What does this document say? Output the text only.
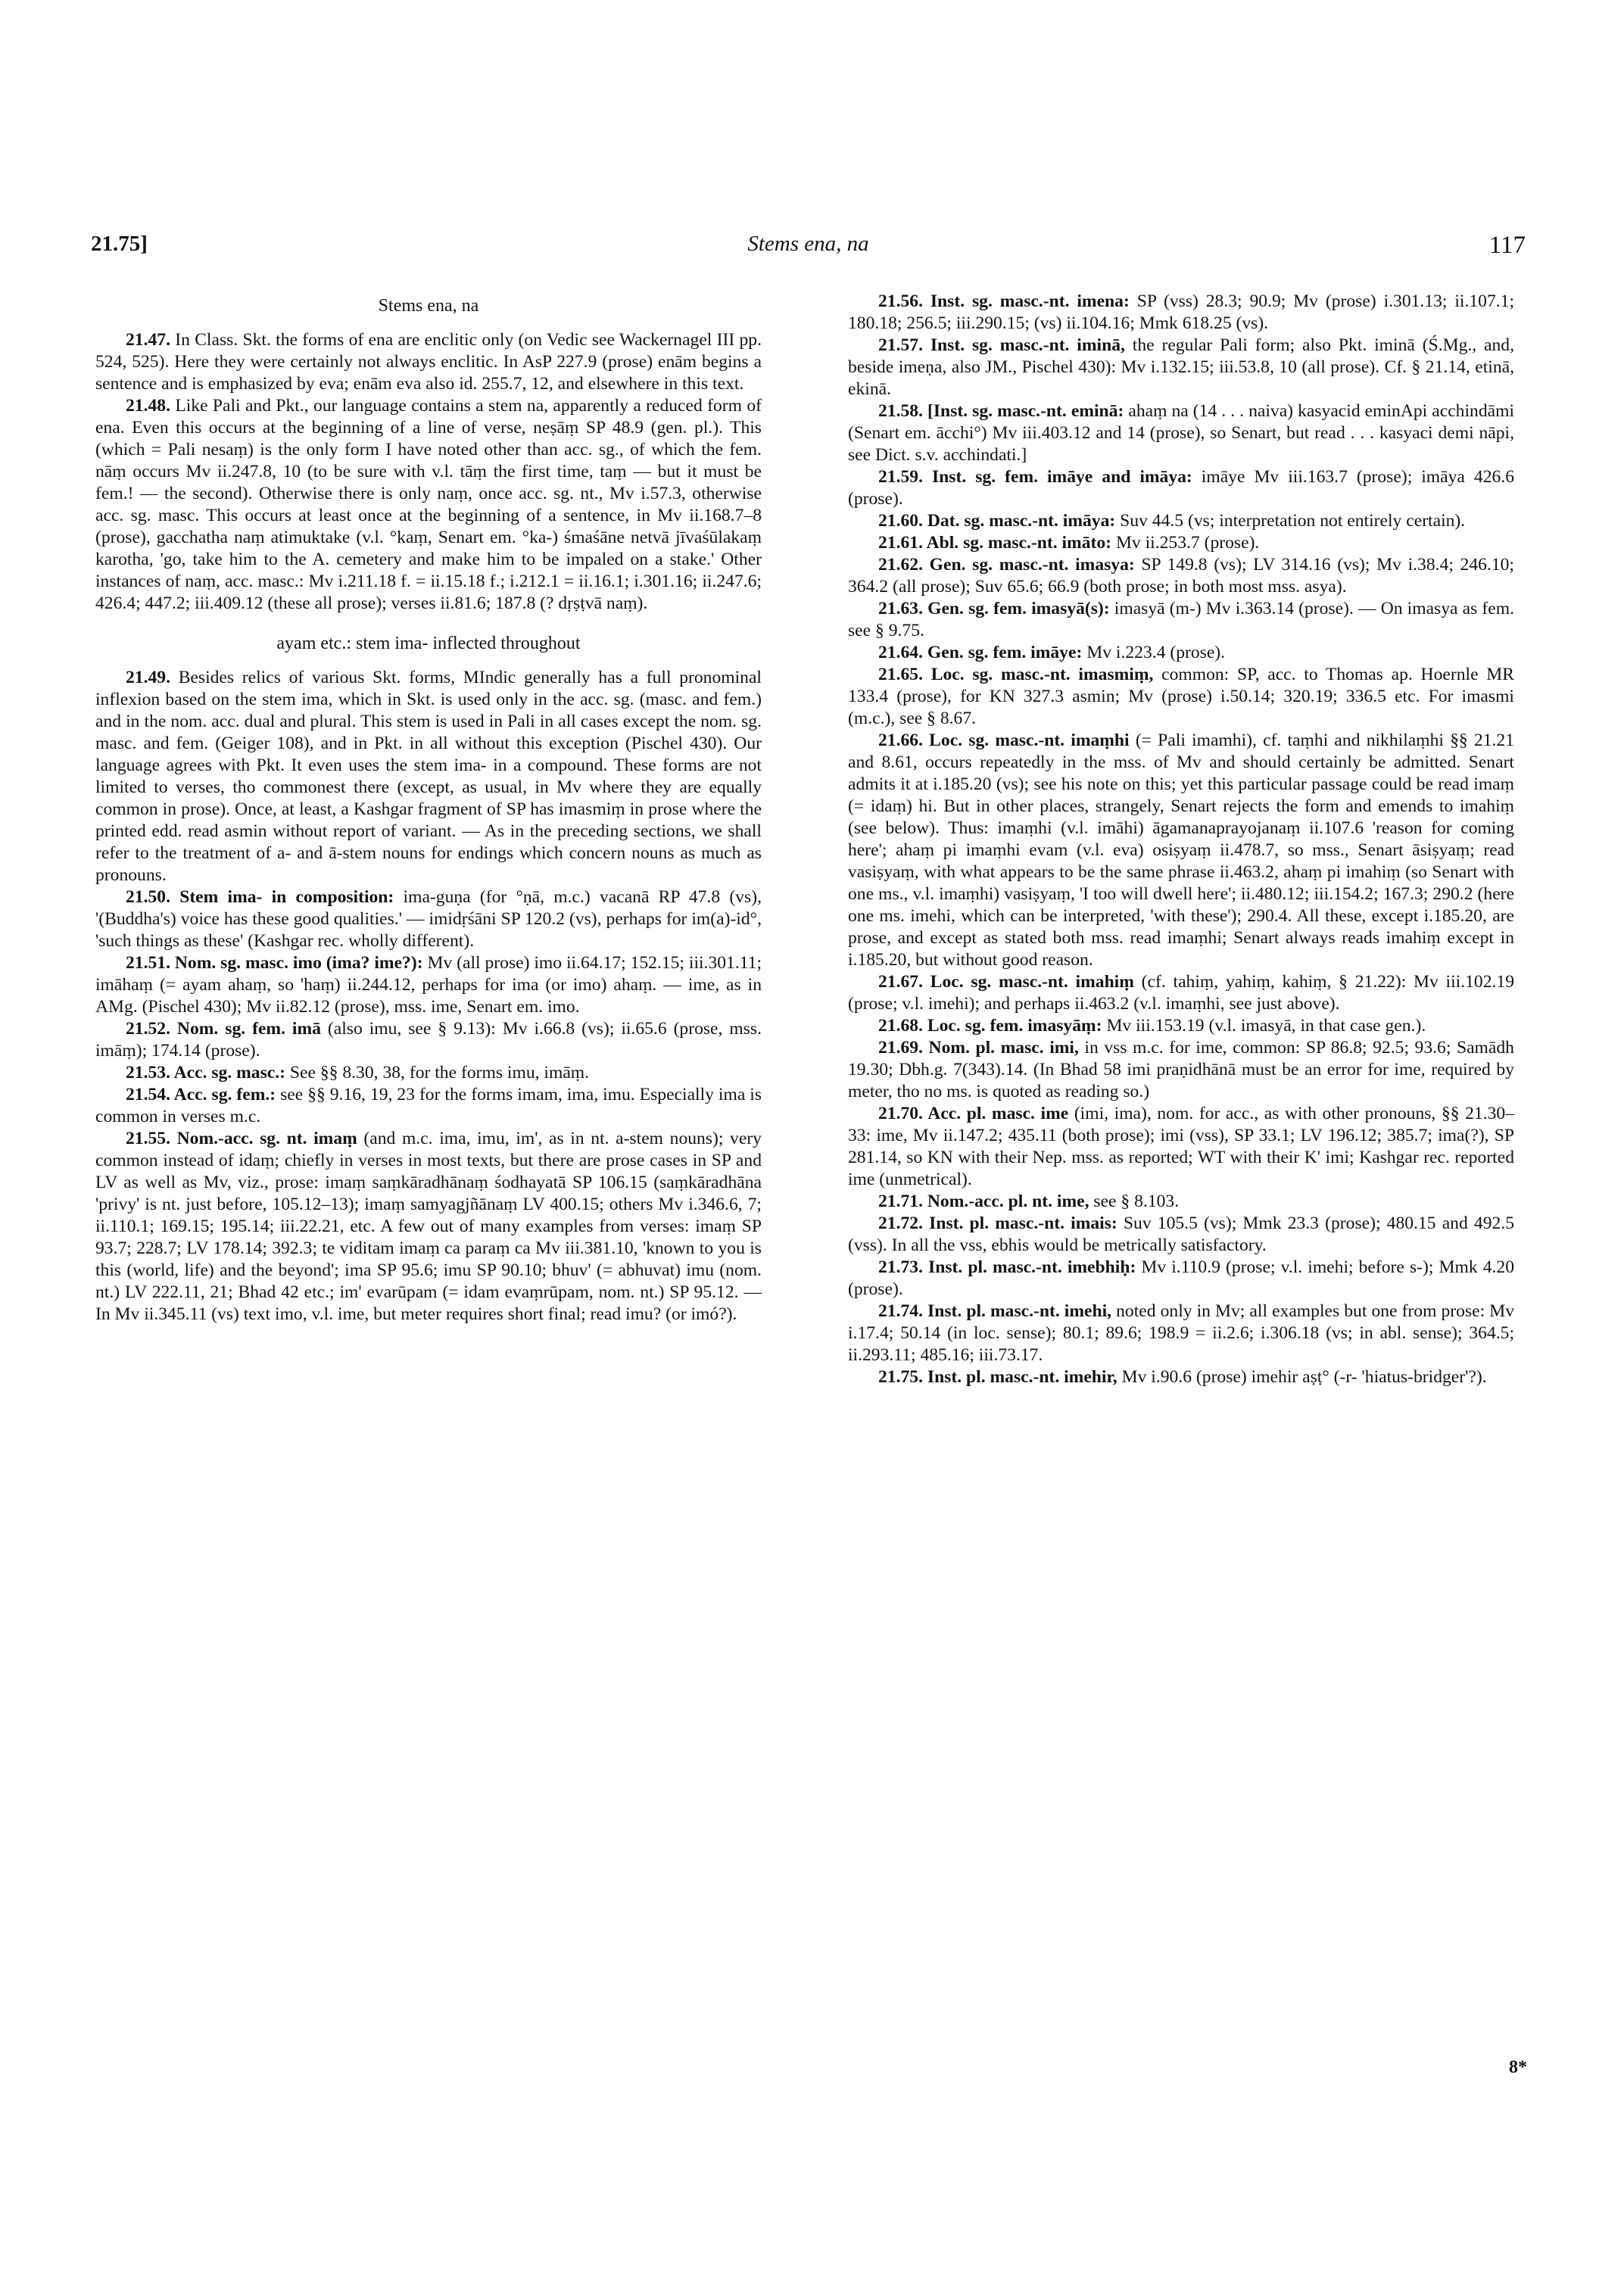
21.75]	Stems ena, na	117
Stems ena, na

21.47. In Class. Skt. the forms of ena are enclitic only (on Vedic see Wackernagel III pp. 524, 525). Here they were certainly not always enclitic. In AsP 227.9 (prose) enām begins a sentence and is emphasized by eva; enām eva also id. 255.7, 12, and elsewhere in this text.

21.48. Like Pali and Pkt., our language contains a stem na, apparently a reduced form of ena. Even this occurs at the beginning of a line of verse, neṣāṃ SP 48.9 (gen. pl.). This (which = Pali nesaṃ) is the only form I have noted other than acc. sg., of which the fem. nāṃ occurs Mv ii.247.8, 10 (to be sure with v.l. tāṃ the first time, taṃ — but it must be fem.! — the second). Otherwise there is only naṃ, once acc. sg. nt., Mv i.57.3, otherwise acc. sg. masc. This occurs at least once at the beginning of a sentence, in Mv ii.168.7–8 (prose), gacchatha naṃ atimuktake (v.l. °kaṃ, Senart em. °ka-) śmaśāne netvā jīvaśūlakaṃ karotha, 'go, take him to the A. cemetery and make him to be impaled on a stake.' Other instances of naṃ, acc. masc.: Mv i.211.18 f. = ii.15.18 f.; i.212.1 = ii.16.1; i.301.16; ii.247.6; 426.4; 447.2; iii.409.12 (these all prose); verses ii.81.6; 187.8 (? dṛṣṭvā naṃ).

ayam etc.: stem ima- inflected throughout

21.49. Besides relics of various Skt. forms, MIndic generally has a full pronominal inflexion based on the stem ima, which in Skt. is used only in the acc. sg. (masc. and fem.) and in the nom. acc. dual and plural. This stem is used in Pali in all cases except the nom. sg. masc. and fem. (Geiger 108), and in Pkt. in all without this exception (Pischel 430). Our language agrees with Pkt. It even uses the stem ima- in a compound. These forms are not limited to verses, tho commonest there (except, as usual, in Mv where they are equally common in prose). Once, at least, a Kashgar fragment of SP has imasmiṃ in prose where the printed edd. read asmin without report of variant. — As in the preceding sections, we shall refer to the treatment of a- and ā-stem nouns for endings which concern nouns as much as pronouns.

21.50. Stem ima- in composition: ima-guṇa (for °ṇā, m.c.) vacanā RP 47.8 (vs), '(Buddha's) voice has these good qualities.' — imidṛśāni SP 120.2 (vs), perhaps for im(a)-id°, 'such things as these' (Kashgar rec. wholly different).

21.51. Nom. sg. masc. imo (ima? ime?): Mv (all prose) imo ii.64.17; 152.15; iii.301.11; imāhaṃ (= ayam ahaṃ, so 'haṃ) ii.244.12, perhaps for ima (or imo) ahaṃ. — ime, as in AMg. (Pischel 430); Mv ii.82.12 (prose), mss. ime, Senart em. imo.

21.52. Nom. sg. fem. imā (also imu, see § 9.13): Mv i.66.8 (vs); ii.65.6 (prose, mss. imāṃ); 174.14 (prose).

21.53. Acc. sg. masc.: See §§ 8.30, 38, for the forms imu, imāṃ.

21.54. Acc. sg. fem.: see §§ 9.16, 19, 23 for the forms imam, ima, imu. Especially ima is common in verses m.c.

21.55. Nom.-acc. sg. nt. imaṃ (and m.c. ima, imu, im', as in nt. a-stem nouns); very common instead of idaṃ; chiefly in verses in most texts, but there are prose cases in SP and LV as well as Mv, viz., prose: imaṃ saṃkāradhānaṃ śodhayatā SP 106.15 (saṃkāradhāna 'privy' is nt. just before, 105.12–13); imaṃ samyagjñānaṃ LV 400.15; others Mv i.346.6, 7; ii.110.1; 169.15; 195.14; iii.22.21, etc. A few out of many examples from verses: imaṃ SP 93.7; 228.7; LV 178.14; 392.3; te viditam imaṃ ca paraṃ ca Mv iii.381.10, 'known to you is this (world, life) and the beyond'; ima SP 95.6; imu SP 90.10; bhuv' (= abhuvat) imu (nom. nt.) LV 222.11, 21; Bhad 42 etc.; im' evarūpam (= idam evaṃrūpam, nom. nt.) SP 95.12. — In Mv ii.345.11 (vs) text imo, v.l. ime, but meter requires short final; read imu? (or imó?).

21.56. Inst. sg. masc.-nt. imena: SP (vss) 28.3; 90.9; Mv (prose) i.301.13; ii.107.1; 180.18; 256.5; iii.290.15; (vs) ii.104.16; Mmk 618.25 (vs).

21.57. Inst. sg. masc.-nt. iminā, the regular Pali form; also Pkt. iminā (Ś.Mg., and, beside imeṇa, also JM., Pischel 430): Mv i.132.15; iii.53.8, 10 (all prose). Cf. § 21.14, etinā, ekinā.

21.58. [Inst. sg. masc.-nt. eminā: ahaṃ na (14 . . . naiva) kasyacid eminApi acchindāmi (Senart em. ācchi°) Mv iii.403.12 and 14 (prose), so Senart, but read . . . kasyaci demi nāpi, see Dict. s.v. acchindati.]

21.59. Inst. sg. fem. imāye and imāya: imāye Mv iii.163.7 (prose); imāya 426.6 (prose).

21.60. Dat. sg. masc.-nt. imāya: Suv 44.5 (vs; interpretation not entirely certain).

21.61. Abl. sg. masc.-nt. imāto: Mv ii.253.7 (prose).

21.62. Gen. sg. masc.-nt. imasya: SP 149.8 (vs); LV 314.16 (vs); Mv i.38.4; 246.10; 364.2 (all prose); Suv 65.6; 66.9 (both prose; in both most mss. asya).

21.63. Gen. sg. fem. imasyā(s): imasyā (m-) Mv i.363.14 (prose). — On imasya as fem. see § 9.75.

21.64. Gen. sg. fem. imāye: Mv i.223.4 (prose).

21.65. Loc. sg. masc.-nt. imasmiṃ, common: SP, acc. to Thomas ap. Hoernle MR 133.4 (prose), for KN 327.3 asmin; Mv (prose) i.50.14; 320.19; 336.5 etc. For imasmi (m.c.), see § 8.67.

21.66. Loc. sg. masc.-nt. imaṃhi (= Pali imamhi), cf. taṃhi and nikhilaṃhi §§ 21.21 and 8.61, occurs repeatedly in the mss. of Mv and should certainly be admitted. Senart admits it at i.185.20 (vs); see his note on this; yet this particular passage could be read imaṃ (= idaṃ) hi. But in other places, strangely, Senart rejects the form and emends to imahiṃ (see below). Thus: imaṃhi (v.l. imāhi) āgamanaprayojanaṃ ii.107.6 'reason for coming here'; ahaṃ pi imaṃhi evam (v.l. eva) osiṣyaṃ ii.478.7, so mss., Senart āsiṣyaṃ; read vasiṣyaṃ, with what appears to be the same phrase ii.463.2, ahaṃ pi imahiṃ (so Senart with one ms., v.l. imaṃhi) vasiṣyaṃ, 'I too will dwell here'; ii.480.12; iii.154.2; 167.3; 290.2 (here one ms. imehi, which can be interpreted, 'with these'); 290.4. All these, except i.185.20, are prose, and except as stated both mss. read imaṃhi; Senart always reads imahiṃ except in i.185.20, but without good reason.

21.67. Loc. sg. masc.-nt. imahiṃ (cf. tahiṃ, yahiṃ, kahiṃ, § 21.22): Mv iii.102.19 (prose; v.l. imehi); and perhaps ii.463.2 (v.l. imaṃhi, see just above).

21.68. Loc. sg. fem. imasyāṃ: Mv iii.153.19 (v.l. imasyā, in that case gen.).

21.69. Nom. pl. masc. imi, in vss m.c. for ime, common: SP 86.8; 92.5; 93.6; Samādh 19.30; Dbh.g. 7(343).14. (In Bhad 58 imi praṇidhānā must be an error for ime, required by meter, tho no ms. is quoted as reading so.)

21.70. Acc. pl. masc. ime (imi, ima), nom. for acc., as with other pronouns, §§ 21.30–33: ime, Mv ii.147.2; 435.11 (both prose); imi (vss), SP 33.1; LV 196.12; 385.7; ima(?), SP 281.14, so KN with their Nep. mss. as reported; WT with their K' imi; Kashgar rec. reported ime (unmetrical).

21.71. Nom.-acc. pl. nt. ime, see § 8.103.

21.72. Inst. pl. masc.-nt. imais: Suv 105.5 (vs); Mmk 23.3 (prose); 480.15 and 492.5 (vss). In all the vss, ebhis would be metrically satisfactory.

21.73. Inst. pl. masc.-nt. imebhiḥ: Mv i.110.9 (prose; v.l. imehi; before s-); Mmk 4.20 (prose).

21.74. Inst. pl. masc.-nt. imehi, noted only in Mv; all examples but one from prose: Mv i.17.4; 50.14 (in loc. sense); 80.1; 89.6; 198.9 = ii.2.6; i.306.18 (vs; in abl. sense); 364.5; ii.293.11; 485.16; iii.73.17.

21.75. Inst. pl. masc.-nt. imehir, Mv i.90.6 (prose) imehir aṣṭ° (-r- 'hiatus-bridger'?).

8*
